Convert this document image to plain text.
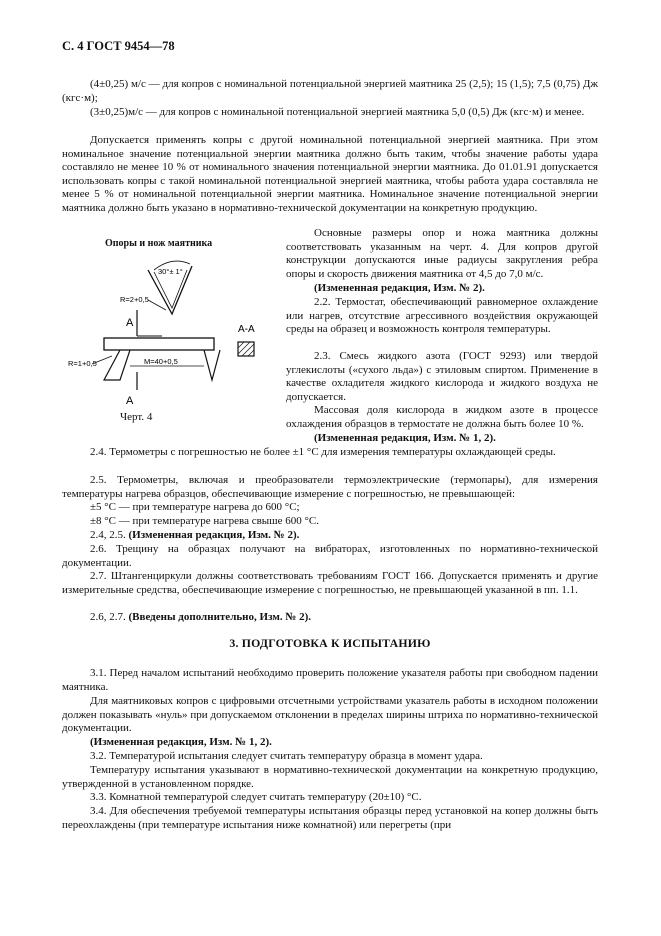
С. 4 ГОСТ 9454—78

(4±0,25) м/с — для копров с номинальной потенциальной энергией маятника 25 (2,5); 15 (1,5); 7,5 (0,75) Дж (кгс·м);

(3±0,25)м/с — для копров с номинальной потенциальной энергией маятника 5,0 (0,5) Дж (кгс·м) и менее.

Допускается применять копры с другой номинальной потенциальной энергией маятника. При этом номинальное значение потенциальной энергии маятника должно быть таким, чтобы значение работы удара составляло не менее 10 % от номинального значения потенциальной энергии маятника. До 01.01.91 допускается использовать копры с такой номинальной потенциальной энергией маятника, чтобы работа удара составляла не менее 5 % от номинальной потенциальной энергии маятника. Номинальное значение потенциальной энергии маятника должно быть указано в нормативно-технической документации на конкретную продукцию.

Опоры и нож маятника
30°± 1°
R=2+0,5
А
А
R=1+0,5	M=40+0,5
А-А
Черт. 4

Основные размеры опор и ножа маятника должны соответствовать указанным на черт. 4. Для копров другой конструкции допускаются иные радиусы закругления ребра опоры и скорость движения маятника от 4,5 до 7,0 м/с.

(Измененная редакция, Изм. № 2).

2.2. Термостат, обеспечивающий равномерное охлаждение или нагрев, отсутствие агрессивного воздействия окружающей среды на образец и возможность контроля температуры.

2.3. Смесь жидкого азота (ГОСТ 9293) или твердой углекислоты («сухого льда») с этиловым спиртом. Применение в качестве охладителя жидкого кислорода и жидкого воздуха не допускается.

Массовая доля кислорода в жидком азоте в процессе охлаждения образцов в термостате не должна быть более 10 %.

(Измененная редакция, Изм. № 1, 2).

2.4. Термометры с погрешностью не более ±1 °С для измерения температуры охлаждающей среды.

2.5. Термометры, включая и преобразователи термоэлектрические (термопары), для измерения температуры нагрева образцов, обеспечивающие измерение с погрешностью, не превышающей:

±5 °С — при температуре нагрева до 600 °С;

±8 °С — при температуре нагрева свыше 600 °С.

2.4, 2.5. (Измененная редакция, Изм. № 2).

2.6. Трещину на образцах получают на вибраторах, изготовленных по нормативно-технической документации.

2.7. Штангенциркули должны соответствовать требованиям ГОСТ 166. Допускается применять и другие измерительные средства, обеспечивающие измерение с погрешностью, не превышающей указанной в пп. 1.1.

2.6, 2.7. (Введены дополнительно, Изм. № 2).

3. ПОДГОТОВКА К ИСПЫТАНИЮ

3.1. Перед началом испытаний необходимо проверить положение указателя работы при свободном падении маятника.

Для маятниковых копров с цифровыми отсчетными устройствами указатель работы в исходном положении должен показывать «нуль» при допускаемом отклонении в пределах ширины штриха по нормативно-технической документации.

(Измененная редакция, Изм. № 1, 2).

3.2. Температурой испытания следует считать температуру образца в момент удара.

Температуру испытания указывают в нормативно-технической документации на конкретную продукцию, утвержденной в установленном порядке.

3.3. Комнатной температурой следует считать температуру (20±10) °С.

3.4. Для обеспечения требуемой температуры испытания образцы перед установкой на копер должны быть переохлаждены (при температуре испытания ниже комнатной) или перегреты (при
